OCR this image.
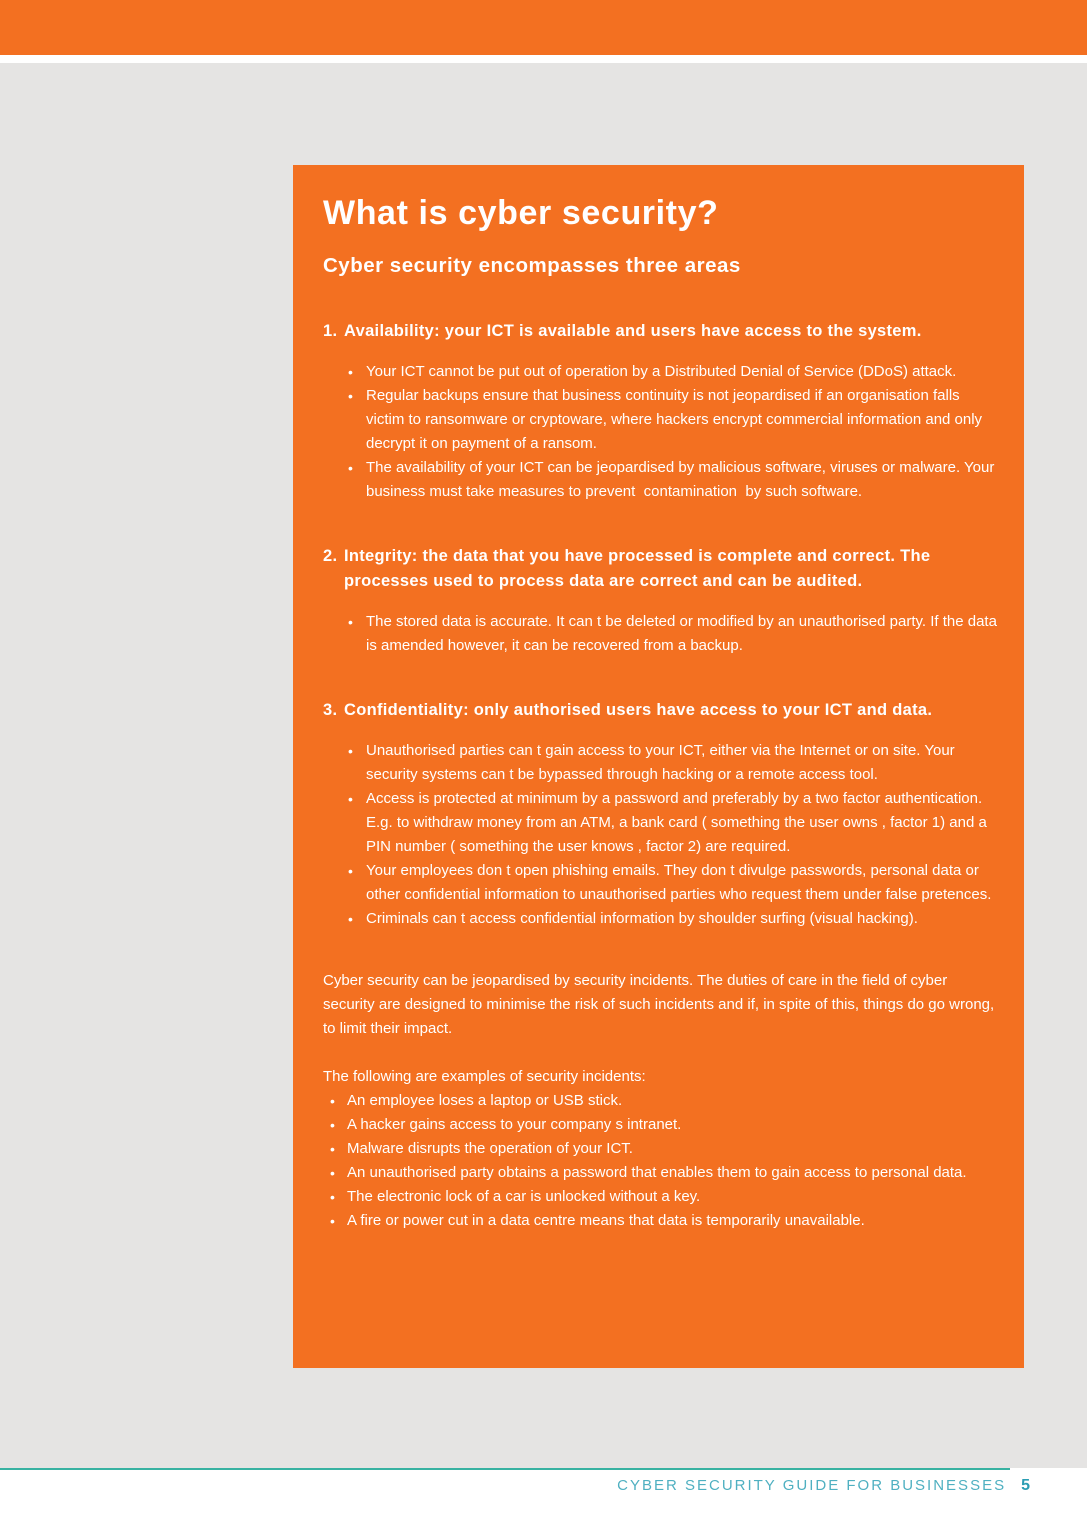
What is cyber security?
Cyber security encompasses three areas
1. Availability: your ICT is available and users have access to the system.
• Your ICT cannot be put out of operation by a Distributed Denial of Service (DDoS) attack.
• Regular backups ensure that business continuity is not jeopardised if an organisation falls victim to ransomware or cryptoware, where hackers encrypt commercial information and only decrypt it on payment of a ransom.
• The availability of your ICT can be jeopardised by malicious software, viruses or malware. Your business must take measures to prevent  contamination  by such software.
2. Integrity: the data that you have processed is complete and correct. The processes used to process data are correct and can be audited.
• The stored data is accurate. It can t be deleted or modified by an unauthorised party. If the data is amended however, it can be recovered from a backup.
3. Confidentiality: only authorised users have access to your ICT and data.
• Unauthorised parties can t gain access to your ICT, either via the Internet or on site. Your security systems can t be bypassed through hacking or a remote access tool.
• Access is protected at minimum by a password and preferably by a two factor authentication. E.g. to withdraw money from an ATM, a bank card ( something the user owns , factor 1) and a PIN number ( something the user knows , factor 2) are required.
• Your employees don t open phishing emails. They don t divulge passwords, personal data or other confidential information to unauthorised parties who request them under false pretences.
• Criminals can t access confidential information by shoulder surfing (visual hacking).

Cyber security can be jeopardised by security incidents. The duties of care in the field of cyber security are designed to minimise the risk of such incidents and if, in spite of this, things do go wrong, to limit their impact.

The following are examples of security incidents:

• An employee loses a laptop or USB stick.
• A hacker gains access to your company s intranet.
• Malware disrupts the operation of your ICT.
• An unauthorised party obtains a password that enables them to gain access to personal data.
• The electronic lock of a car is unlocked without a key.
• A fire or power cut in a data centre means that data is temporarily unavailable.
CYBER SECURITY GUIDE FOR BUSINESSES 5
